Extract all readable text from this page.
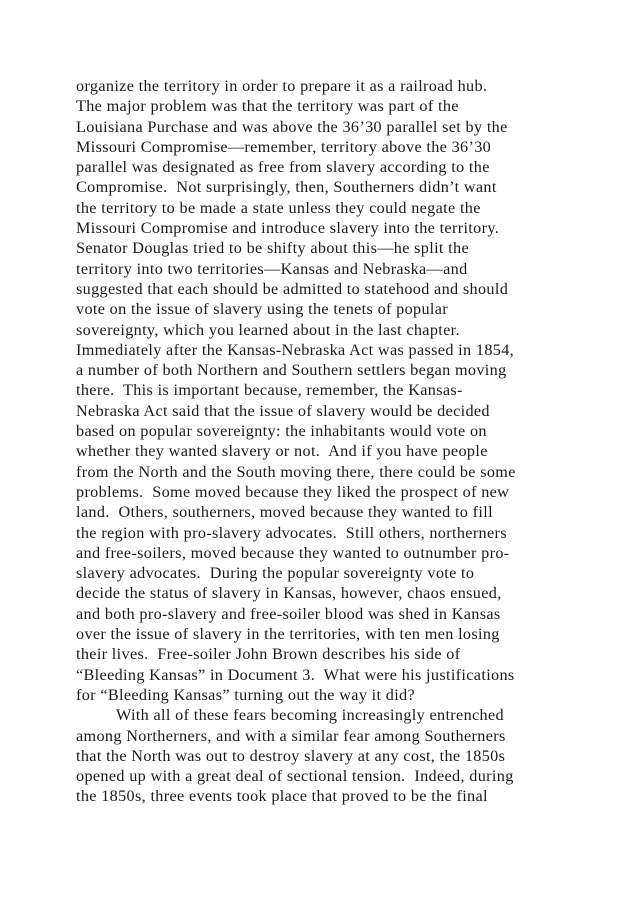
organize the territory in order to prepare it as a railroad hub.
The major problem was that the territory was part of the
Louisiana Purchase and was above the 36’30 parallel set by the
Missouri Compromise—remember, territory above the 36’30
parallel was designated as free from slavery according to the
Compromise.  Not surprisingly, then, Southerners didn’t want
the territory to be made a state unless they could negate the
Missouri Compromise and introduce slavery into the territory.
Senator Douglas tried to be shifty about this—he split the
territory into two territories—Kansas and Nebraska—and
suggested that each should be admitted to statehood and should
vote on the issue of slavery using the tenets of popular
sovereignty, which you learned about in the last chapter.
Immediately after the Kansas-Nebraska Act was passed in 1854,
a number of both Northern and Southern settlers began moving
there.  This is important because, remember, the Kansas-
Nebraska Act said that the issue of slavery would be decided
based on popular sovereignty: the inhabitants would vote on
whether they wanted slavery or not.  And if you have people
from the North and the South moving there, there could be some
problems.  Some moved because they liked the prospect of new
land.  Others, southerners, moved because they wanted to fill
the region with pro-slavery advocates.  Still others, northerners
and free-soilers, moved because they wanted to outnumber pro-
slavery advocates.  During the popular sovereignty vote to
decide the status of slavery in Kansas, however, chaos ensued,
and both pro-slavery and free-soiler blood was shed in Kansas
over the issue of slavery in the territories, with ten men losing
their lives.  Free-soiler John Brown describes his side of
“Bleeding Kansas” in Document 3.  What were his justifications
for “Bleeding Kansas” turning out the way it did?
With all of these fears becoming increasingly entrenched
among Northerners, and with a similar fear among Southerners
that the North was out to destroy slavery at any cost, the 1850s
opened up with a great deal of sectional tension.  Indeed, during
the 1850s, three events took place that proved to be the final
